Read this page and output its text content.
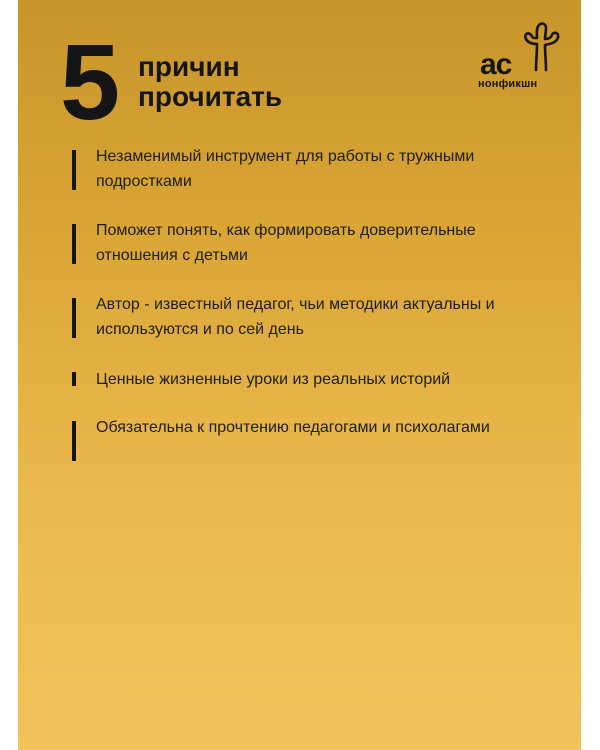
5 причин
прочитать
ас
нонфикшн
Незаменимый инструмент для работы с тружными подростками
Поможет понять, как формировать доверительные отношения с детьми
Автор - известный педагог, чьи методики актуальны и используются и по сей день
Ценные жизненные уроки из реальных историй
Обязательна к прочтению педагогами и психолагами
